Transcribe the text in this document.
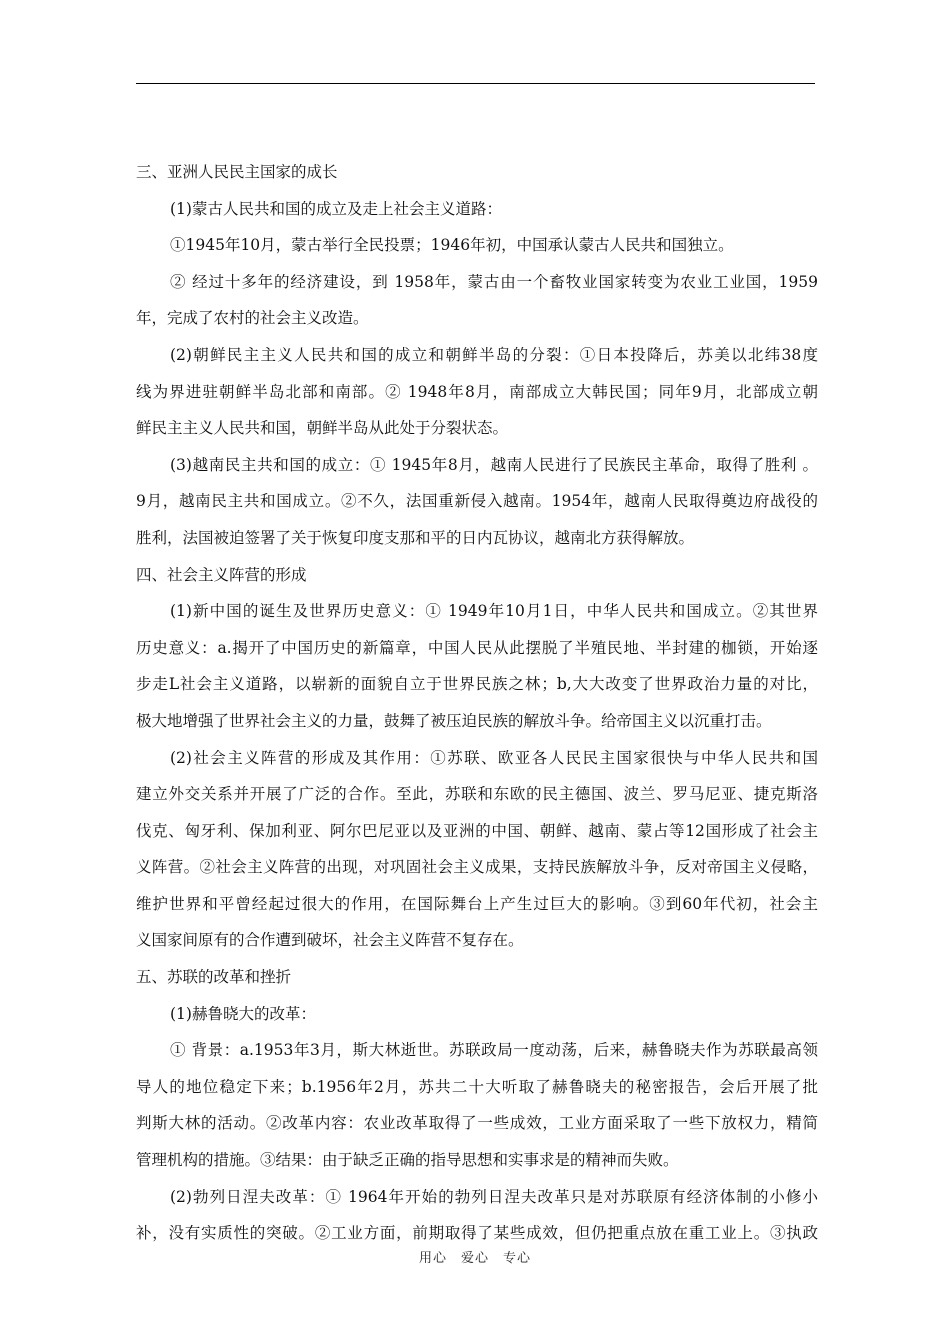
三、亚洲人民民主国家的成长
(1)蒙古人民共和国的成立及走上社会主义道路：
①1945年10月，蒙古举行全民投票；1946年初，中国承认蒙古人民共和国独立。
② 经过十多年的经济建设，到 1958年，蒙古由一个畜牧业国家转变为农业工业国，1959
年，完成了农村的社会主义改造。
(2)朝鲜民主主义人民共和国的成立和朝鲜半岛的分裂：①日本投降后，苏美以北纬38度
线为界进驻朝鲜半岛北部和南部。② 1948年8月，南部成立大韩民国；同年9月，北部成立朝
鲜民主主义人民共和国，朝鲜半岛从此处于分裂状态。
(3)越南民主共和国的成立：① 1945年8月，越南人民进行了民族民主革命，取得了胜利 。
9月，越南民主共和国成立。②不久，法国重新侵入越南。1954年，越南人民取得奠边府战役的
胜利，法国被迫签署了关于恢复印度支那和平的日内瓦协议，越南北方获得解放。
四、社会主义阵营的形成
(1)新中国的诞生及世界历史意义：① 1949年10月1日，中华人民共和国成立。②其世界
历史意义：a.揭开了中国历史的新篇章，中国人民从此摆脱了半殖民地、半封建的枷锁，开始逐
步走L社会主义道路，以崭新的面貌自立于世界民族之林；b,大大改变了世界政治力量的对比，
极大地增强了世界社会主义的力量，鼓舞了被压迫民族的解放斗争。给帝国主义以沉重打击。
(2)社会主义阵营的形成及其作用：①苏联、欧亚各人民民主国家很快与中华人民共和国
建立外交关系并开展了广泛的合作。至此，苏联和东欧的民主德国、波兰、罗马尼亚、捷克斯洛
伐克、匈牙利、保加利亚、阿尔巴尼亚以及亚洲的中国、朝鲜、越南、蒙占等12国形成了社会主
义阵营。②社会主义阵营的出现，对巩固社会主义成果，支持民族解放斗争，反对帝国主义侵略，
维护世界和平曾经起过很大的作用，在国际舞台上产生过巨大的影响。③到60年代初，社会主
义国家间原有的合作遭到破坏，社会主义阵营不复存在。
五、苏联的改革和挫折
(1)赫鲁晓大的改革：
① 背景：a.1953年3月，斯大林逝世。苏联政局一度动荡，后来，赫鲁晓夫作为苏联最高领
导人的地位稳定下来；b.1956年2月，苏共二十大听取了赫鲁晓夫的秘密报告，会后开展了批
判斯大林的活动。②改革内容：农业改革取得了一些成效，工业方面采取了一些下放权力，精简
管理机构的措施。③结果：由于缺乏正确的指导思想和实事求是的精神而失败。
(2)勃列日涅夫改革：① 1964年开始的勃列日涅夫改革只是对苏联原有经济体制的小修小
补，没有实质性的突破。②工业方面，前期取得了某些成效，但仍把重点放在重工业上。③执政
用心　爱心　专心
